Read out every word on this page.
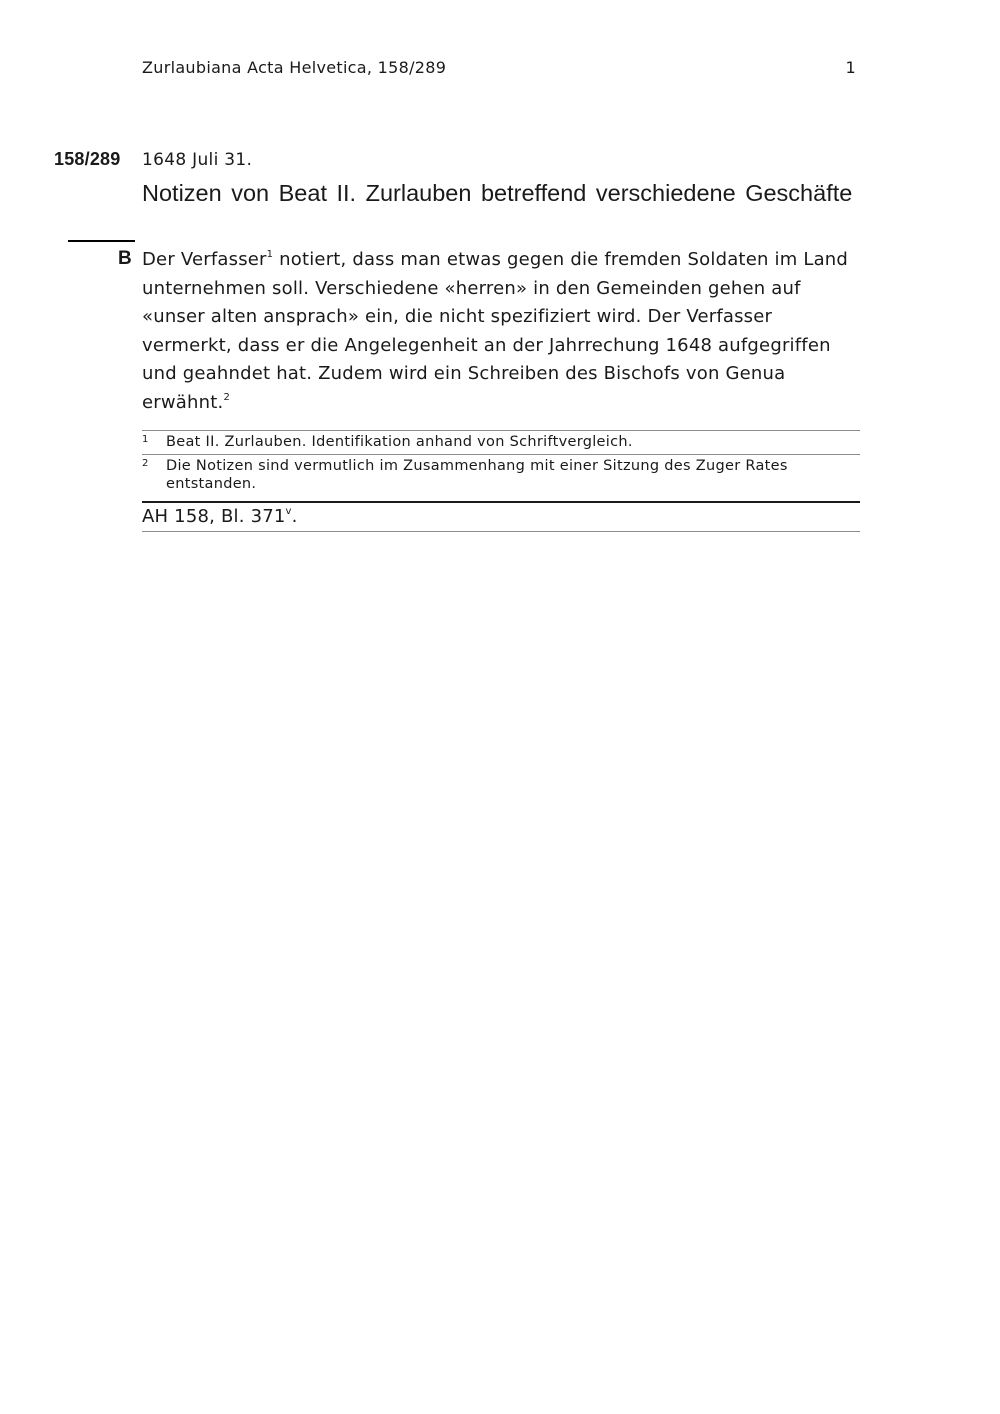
Zurlaubiana Acta Helvetica, 158/289	1
158/289 1648 Juli 31.
Notizen von Beat II. Zurlauben betreffend verschiedene Geschäfte
B Der Verfasser$^1$ notiert, dass man etwas gegen die fremden Soldaten im Land unternehmen soll. Verschiedene «herren» in den Gemeinden gehen auf «unser alten ansprach» ein, die nicht spezifiziert wird. Der Verfasser vermerkt, dass er die Angelegenheit an der Jahrrechung 1648 aufgegriffen und geahndet hat. Zudem wird ein Schreiben des Bischofs von Genua erwähnt.$^2$
1 Beat II. Zurlauben. Identifikation anhand von Schriftvergleich.
2 Die Notizen sind vermutlich im Zusammenhang mit einer Sitzung des Zuger Rates entstanden.
AH 158, Bl. 371$^v$.
